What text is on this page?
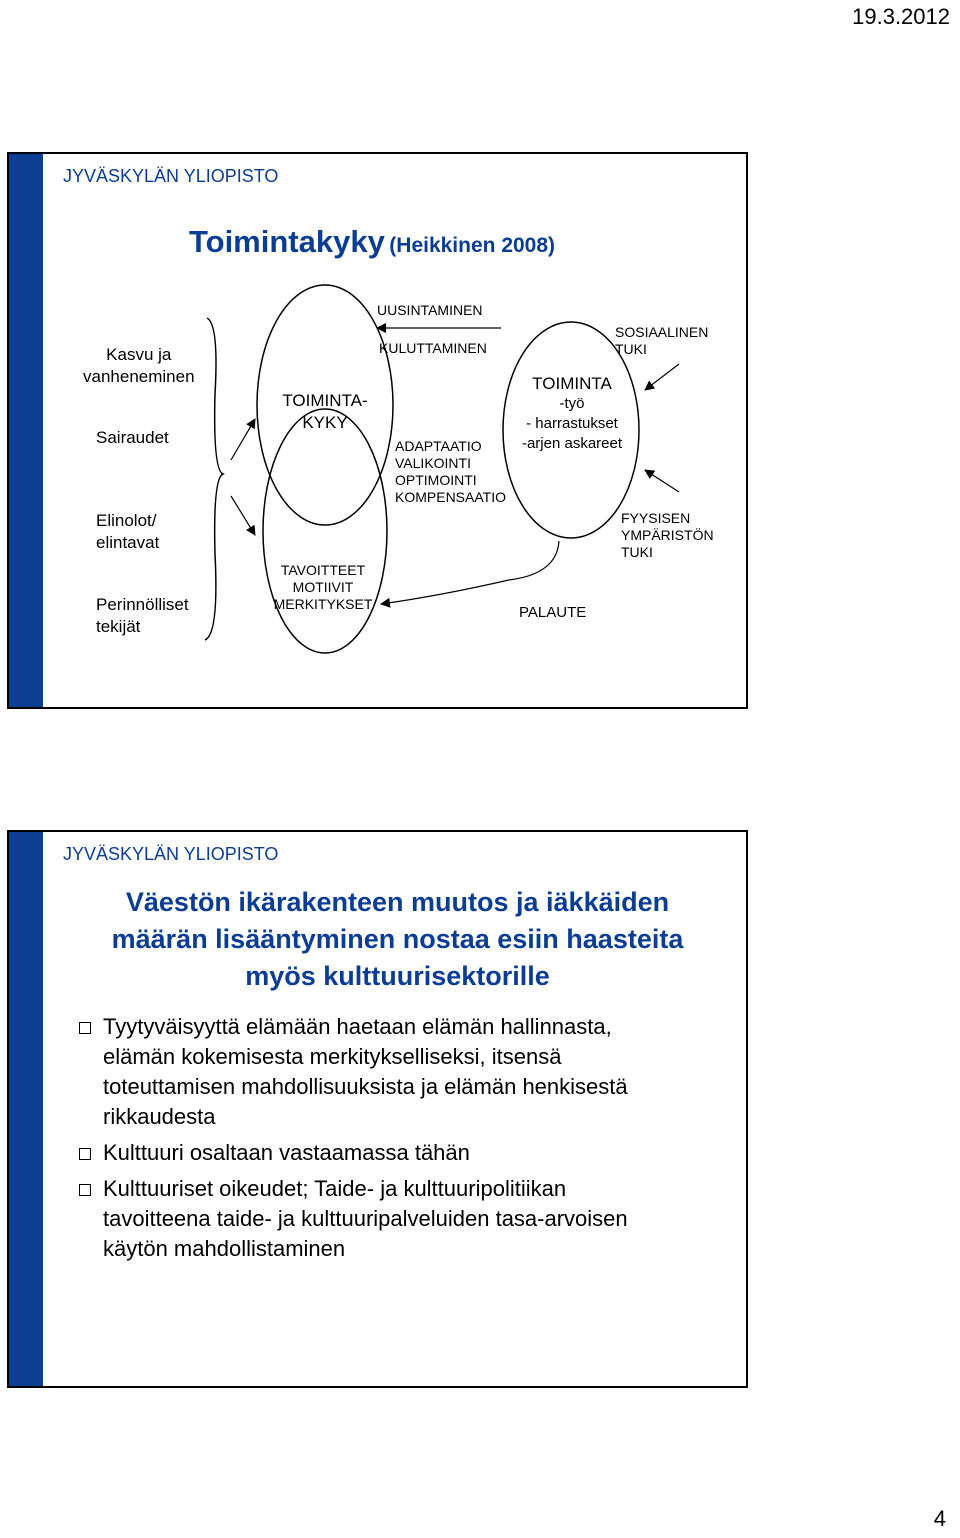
19.3.2012
JYVÄSKYLÄN YLIOPISTO
Toimintakyky (Heikkinen 2008)
Kasvu ja
vanheneminen
Sairaudet
Elinolot/
elintavat
Perinnölliset
tekijät
TOIMINTA-
KYKY
TAVOITTEET
MOTIIVIT
MERKITYKSET
UUSINTAMINEN
KULUTTAMINEN
ADAPTAATIO
VALIKOINTI
OPTIMOINTI
KOMPENSAATIO
TOIMINTA
-työ
- harrastukset
-arjen askareet
PALAUTE
SOSIAALINEN
TUKI
FYYSISEN
YMPÄRISTÖN
TUKI
JYVÄSKYLÄN YLIOPISTO
Väestön ikärakenteen muutos ja iäkkäiden
määrän lisääntyminen nostaa esiin haasteita
myös kulttuurisektorille
Tyytyväisyyttä elämään haetaan elämän hallinnasta,
elämän kokemisesta merkitykselliseksi, itsensä
toteuttamisen mahdollisuuksista ja elämän henkisestä
rikkaudesta
Kulttuuri osaltaan vastaamassa tähän
Kulttuuriset oikeudet; Taide- ja kulttuuripolitiikan
tavoitteena taide- ja kulttuuripalveluiden tasa-arvoisen
käytön mahdollistaminen
4
